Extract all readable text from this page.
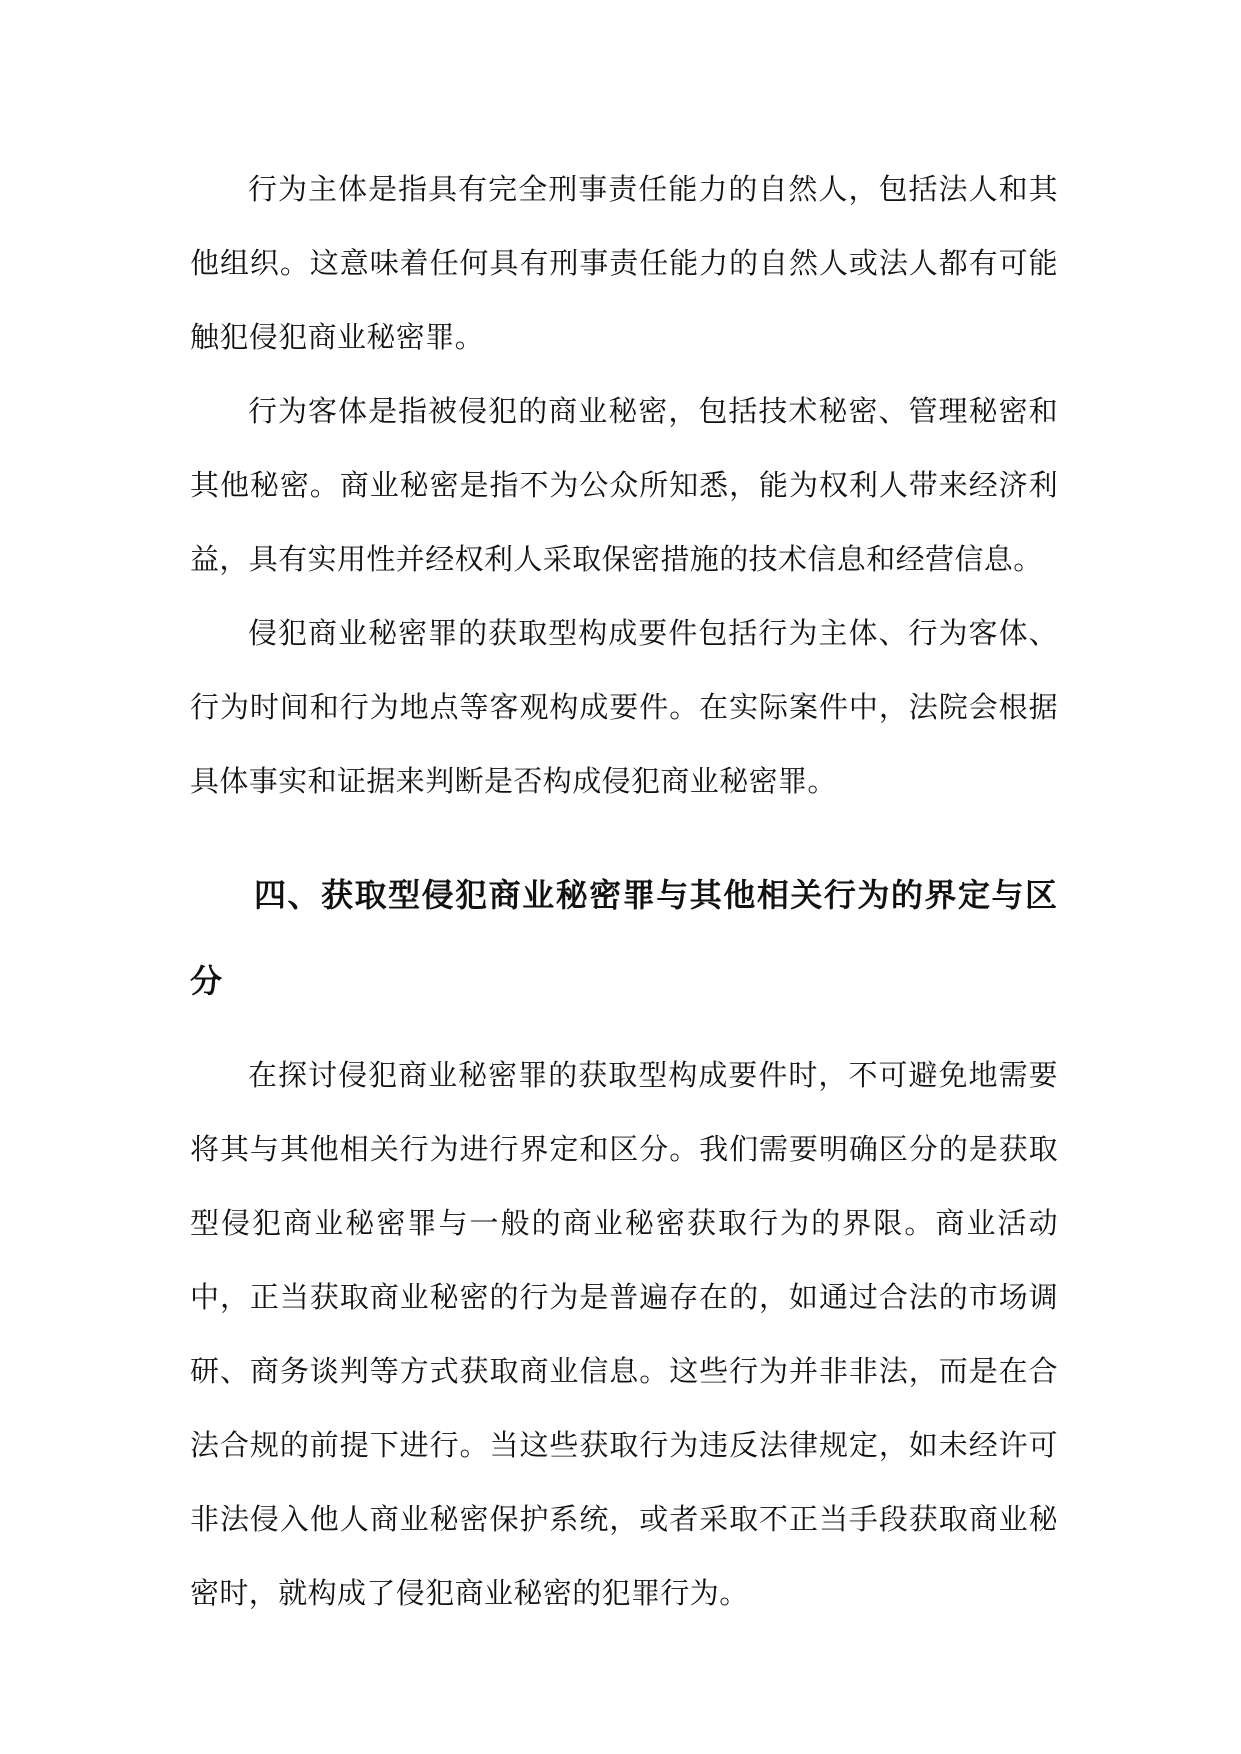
行为主体是指具有完全刑事责任能力的自然人，包括法人和其他组织。这意味着任何具有刑事责任能力的自然人或法人都有可能触犯侵犯商业秘密罪。

行为客体是指被侵犯的商业秘密，包括技术秘密、管理秘密和其他秘密。商业秘密是指不为公众所知悉，能为权利人带来经济利益，具有实用性并经权利人采取保密措施的技术信息和经营信息。

侵犯商业秘密罪的获取型构成要件包括行为主体、行为客体、行为时间和行为地点等客观构成要件。在实际案件中，法院会根据具体事实和证据来判断是否构成侵犯商业秘密罪。

四、获取型侵犯商业秘密罪与其他相关行为的界定与区分

在探讨侵犯商业秘密罪的获取型构成要件时，不可避免地需要将其与其他相关行为进行界定和区分。我们需要明确区分的是获取型侵犯商业秘密罪与一般的商业秘密获取行为的界限。商业活动中，正当获取商业秘密的行为是普遍存在的，如通过合法的市场调研、商务谈判等方式获取商业信息。这些行为并非非法，而是在合法合规的前提下进行。当这些获取行为违反法律规定，如未经许可非法侵入他人商业秘密保护系统，或者采取不正当手段获取商业秘密时，就构成了侵犯商业秘密的犯罪行为。
